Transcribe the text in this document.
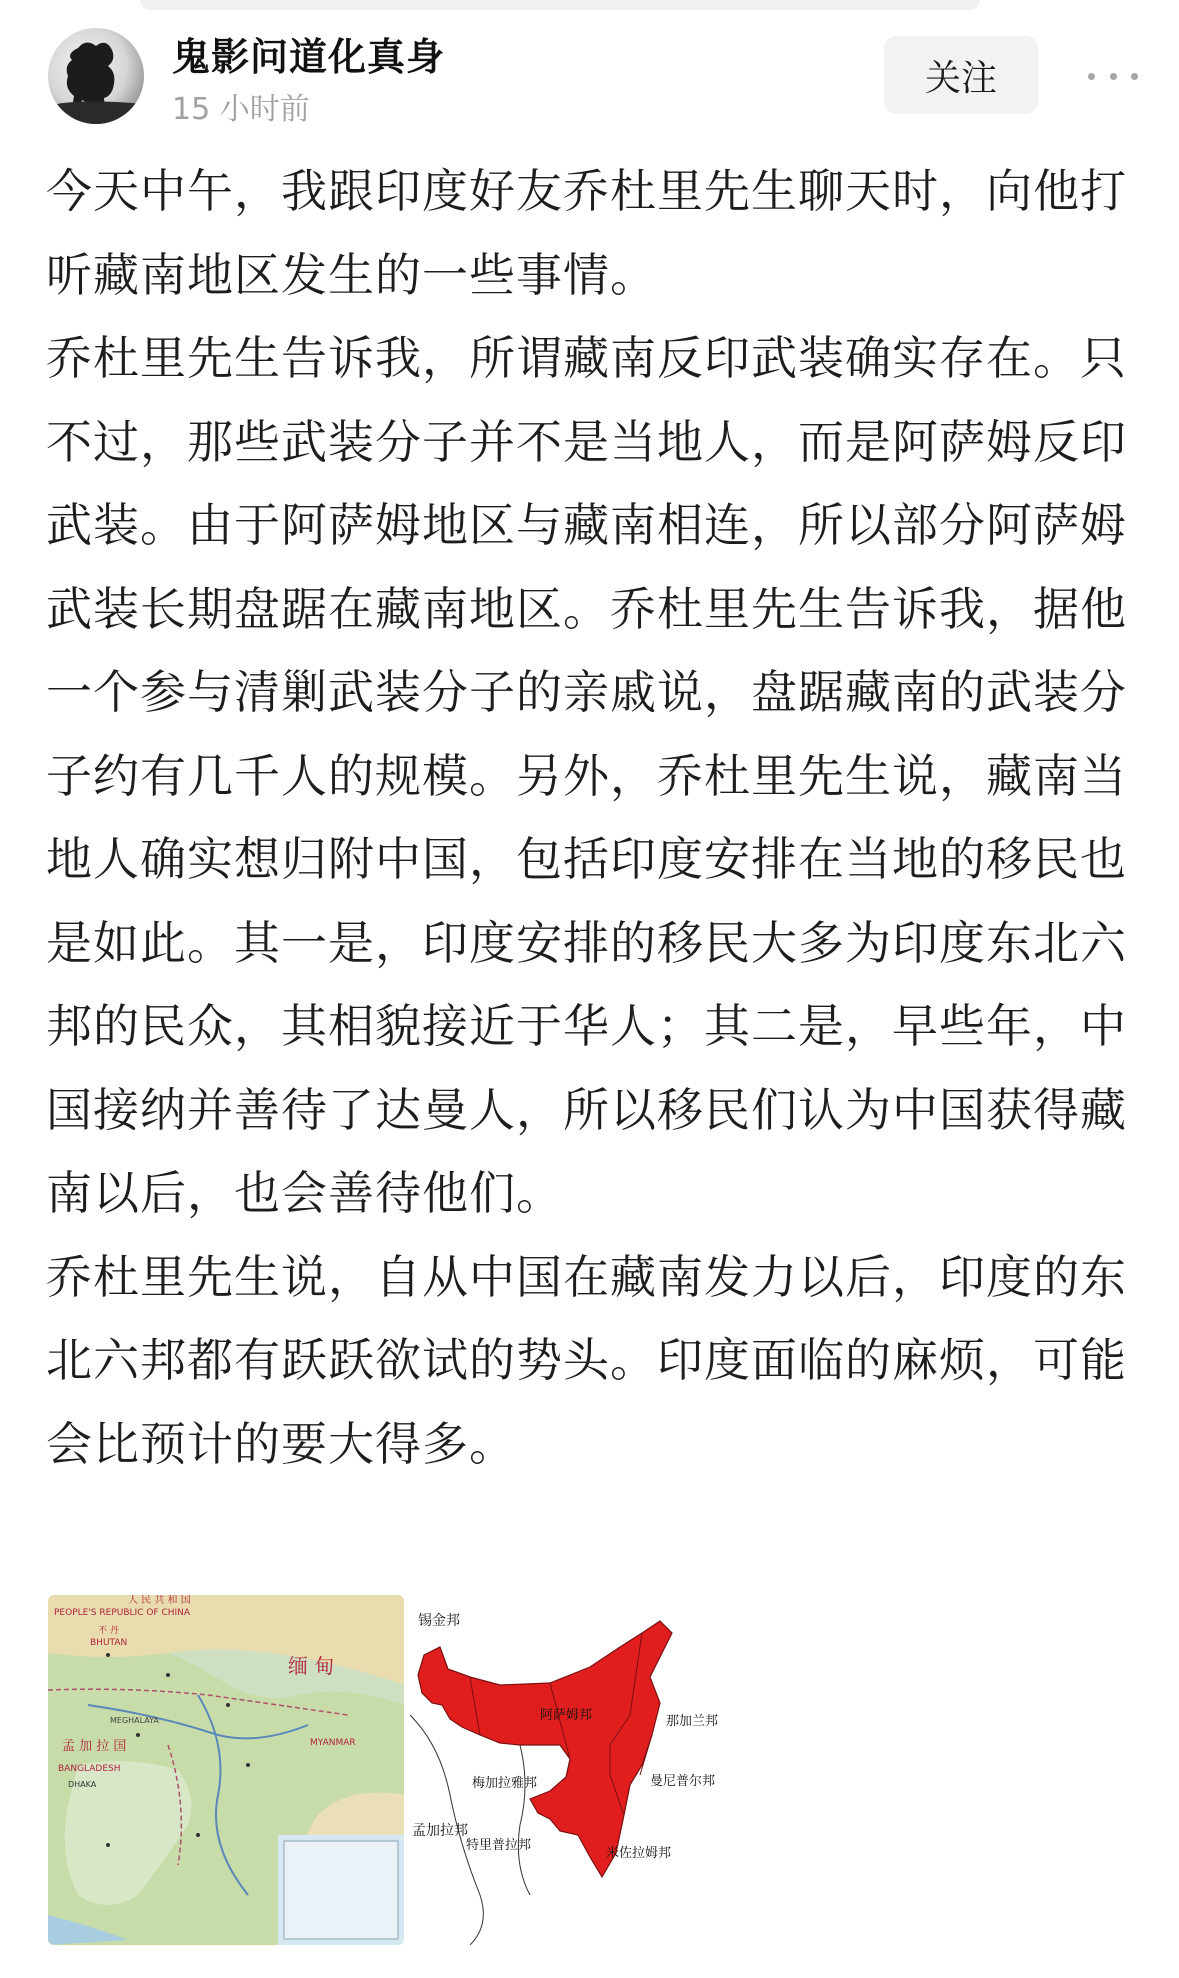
鬼影问道化真身
15 小时前
关注

今天中午，我跟印度好友乔杜里先生聊天时，向他打听藏南地区发生的一些事情。

乔杜里先生告诉我，所谓藏南反印武装确实存在。只不过，那些武装分子并不是当地人，而是阿萨姆反印武装。由于阿萨姆地区与藏南相连，所以部分阿萨姆武装长期盘踞在藏南地区。乔杜里先生告诉我，据他一个参与清剿武装分子的亲戚说，盘踞藏南的武装分子约有几千人的规模。另外，乔杜里先生说，藏南当地人确实想归附中国，包括印度安排在当地的移民也是如此。其一是，印度安排的移民大多为印度东北六邦的民众，其相貌接近于华人；其二是，早些年，中国接纳并善待了达曼人，所以移民们认为中国获得藏南以后，也会善待他们。

乔杜里先生说，自从中国在藏南发力以后，印度的东北六邦都有跃跃欲试的势头。印度面临的麻烦，可能会比预计的要大得多。

人 民 共 和 国
PEOPLE'S REPUBLIC OF CHINA
不 丹
BHUTAN
MEGHALAYA
缅 甸
MYANMAR
孟 加 拉 国
BANGLADESH
DHAKA
锡金邦
阿萨姆邦	那加兰邦
梅加拉雅邦	曼尼普尔邦
孟加拉邦
特里普拉邦
米佐拉姆邦
